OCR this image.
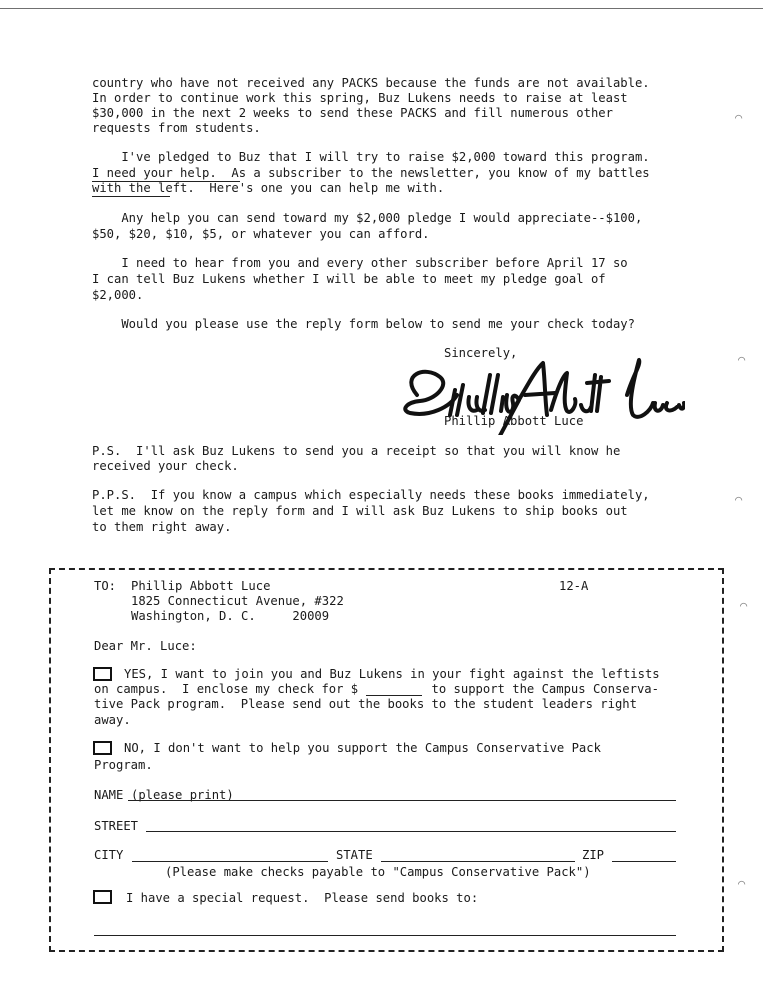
country who have not received any PACKS because the funds are not available.
In order to continue work this spring, Buz Lukens needs to raise at least
$30,000 in the next 2 weeks to send these PACKS and fill numerous other
requests from students.
I've pledged to Buz that I will try to raise $2,000 toward this program.
I need your help.  As a subscriber to the newsletter, you know of my battles
with the left.  Here's one you can help me with.
Any help you can send toward my $2,000 pledge I would appreciate--$100,
$50, $20, $10, $5, or whatever you can afford.
I need to hear from you and every other subscriber before April 17 so
I can tell Buz Lukens whether I will be able to meet my pledge goal of
$2,000.
Would you please use the reply form below to send me your check today?
Sincerely,
Phillip Abbott Luce
P.S.  I'll ask Buz Lukens to send you a receipt so that you will know he
received your check.
P.P.S.  If you know a campus which especially needs these books immediately,
let me know on the reply form and I will ask Buz Lukens to ship books out
to them right away.
TO: Phillip Abbott Luce
1825 Connecticut Avenue, #322
Washington, D. C.     20009
12-A
Dear Mr. Luce:
YES, I want to join you and Buz Lukens in your fight against the leftists
on campus.  I enclose my check for $          to support the Campus Conserva-
tive Pack program.  Please send out the books to the student leaders right
away.
NO, I don't want to help you support the Campus Conservative Pack
Program.
NAME (please print)
STREET
CITY	STATE	ZIP
(Please make checks payable to "Campus Conservative Pack")
I have a special request.  Please send books to:
⌒
⌒
⌒
⌒
⌒
